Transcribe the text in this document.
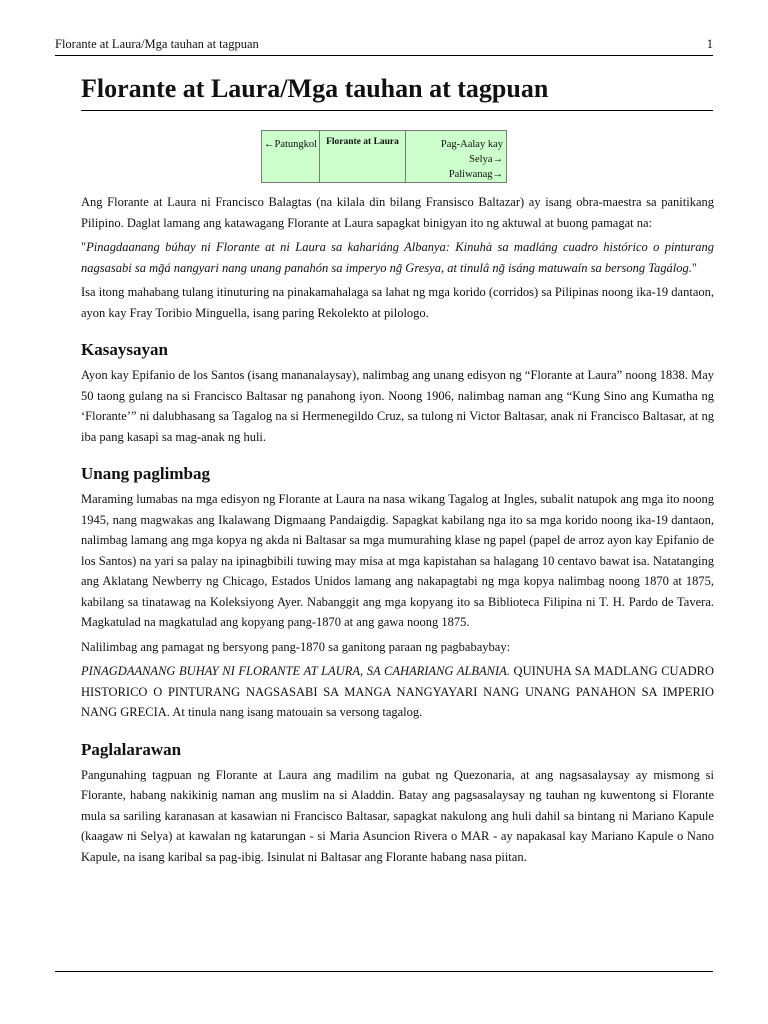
Florante at Laura/Mga tauhan at tagpuan	1
Florante at Laura/Mga tauhan at tagpuan
←Patungkol Florante at Laura	Pag-Aalay kay
Selya→
Paliwanag→

Ang Florante at Laura ni Francisco Balagtas (na kilala din bilang Fransisco Baltazar) ay isang obra-maestra sa panitikang Pilipino. Daglat lamang ang katawagang Florante at Laura sapagkat binigyan ito ng aktuwal at buong pamagat na:

"Pinagdaanang búhay ni Florante at ni Laura sa kahariáng Albanya: Kinuhà sa madláng cuadro histórico o pinturang nagsasabi sa mg̃á nangyari nang unang panahón sa imperyo ng̃ Gresya, at tinulâ ng̃ isáng matuwaín sa bersong Tagálog."

Isa itong mahabang tulang itinuturing na pinakamahalaga sa lahat ng mga korido (corridos) sa Pilipinas noong ika-19 dantaon, ayon kay Fray Toribio Minguella, isang paring Rekolekto at pilologo.

Kasaysayan

Ayon kay Epifanio de los Santos (isang mananalaysay), nalimbag ang unang edisyon ng “Florante at Laura” noong 1838. May 50 taong gulang na si Francisco Baltasar ng panahong iyon. Noong 1906, nalimbag naman ang “Kung Sino ang Kumatha ng ‘Florante’” ni dalubhasang sa Tagalog na si Hermenegildo Cruz, sa tulong ni Victor Baltasar, anak ni Francisco Baltasar, at ng iba pang kasapi sa mag-anak ng huli.

Unang paglimbag

Maraming lumabas na mga edisyon ng Florante at Laura na nasa wikang Tagalog at Ingles, subalit natupok ang mga ito noong 1945, nang magwakas ang Ikalawang Digmaang Pandaigdig. Sapagkat kabilang nga ito sa mga korido noong ika-19 dantaon, nalimbag lamang ang mga kopya ng akda ni Baltasar sa mga mumurahing klase ng papel (papel de arroz ayon kay Epifanio de los Santos) na yari sa palay na ipinagbibili tuwing may misa at mga kapistahan sa halagang 10 centavo bawat isa. Natatanging ang Aklatang Newberry ng Chicago, Estados Unidos lamang ang nakapagtabi ng mga kopya nalimbag noong 1870 at 1875, kabilang sa tinatawag na Koleksiyong Ayer. Nabanggit ang mga kopyang ito sa Biblioteca Filipina ni T. H. Pardo de Tavera. Magkatulad na magkatulad ang kopyang pang-1870 at ang gawa noong 1875.

Nalilimbag ang pamagat ng bersyong pang-1870 sa ganitong paraan ng pagbabaybay:

PINAGDAANANG BUHAY NI FLORANTE AT LAURA, SA CAHARIANG ALBANIA. QUINUHA SA MADLANG CUADRO HISTORICO O PINTURANG NAGSASABI SA MANGA NANGYAYARI NANG UNANG PANAHON SA IMPERIO NANG GRECIA. At tinula nang isang matouain sa versong tagalog.

Paglalarawan

Pangunahing tagpuan ng Florante at Laura ang madilim na gubat ng Quezonaria, at ang nagsasalaysay ay mismong si Florante, habang nakikinig naman ang muslim na si Aladdin. Batay ang pagsasalaysay ng tauhan ng kuwentong si Florante mula sa sariling karanasan at kasawian ni Francisco Baltasar, sapagkat nakulong ang huli dahil sa bintang ni Mariano Kapule (kaagaw ni Selya) at kawalan ng katarungan - si Maria Asuncion Rivera o MAR - ay napakasal kay Mariano Kapule o Nano Kapule, na isang karibal sa pag-ibig. Isinulat ni Baltasar ang Florante habang nasa piitan.
